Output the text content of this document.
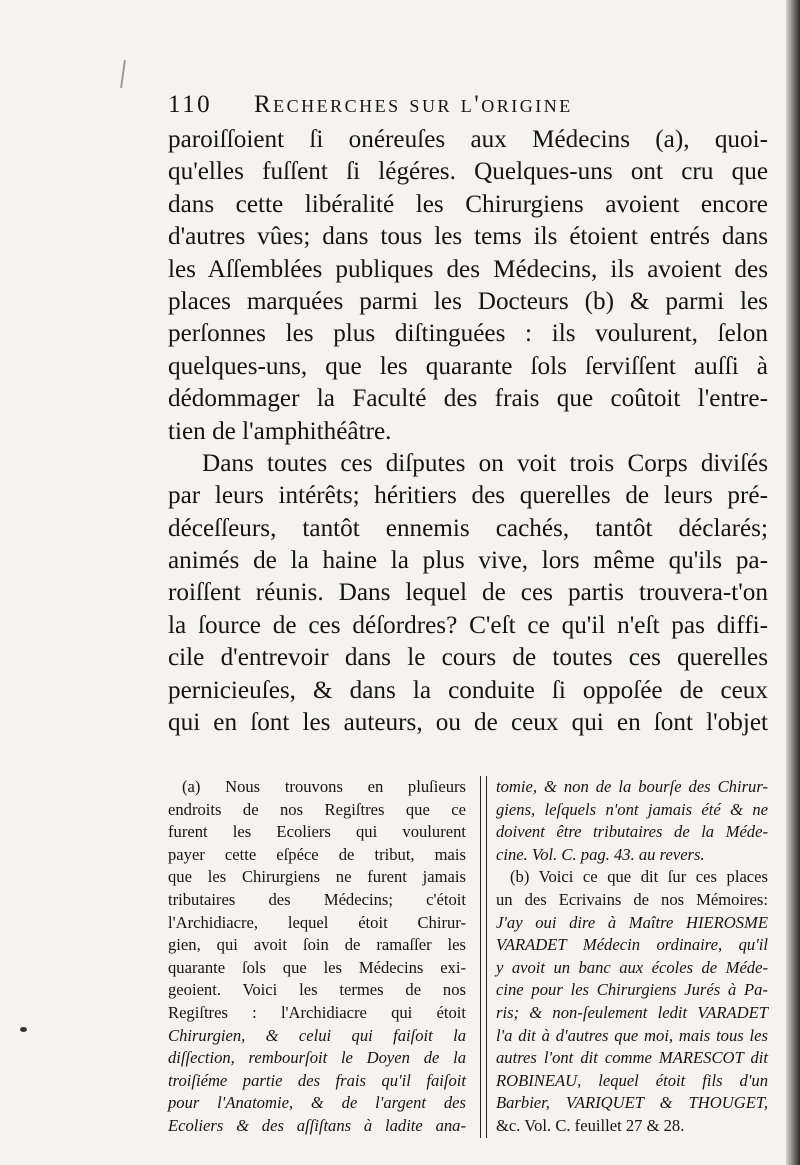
110 Recherches sur l'origine
paroiſſoient ſi onéreuſes aux Médecins (a), quoi-
qu'elles fuſſent ſi légéres. Quelques-uns ont cru que
dans cette libéralité les Chirurgiens avoient encore
d'autres vûes; dans tous les tems ils étoient entrés dans
les Aſſemblées publiques des Médecins, ils avoient des
places marquées parmi les Docteurs (b) & parmi les
perſonnes les plus diſtinguées : ils voulurent, ſelon
quelques-uns, que les quarante ſols ſerviſſent auſſi à
dédommager la Faculté des frais que coûtoit l'entre-
tien de l'amphithéâtre.
Dans toutes ces diſputes on voit trois Corps diviſés
par leurs intérêts; héritiers des querelles de leurs pré-
déceſſeurs, tantôt ennemis cachés, tantôt déclarés;
animés de la haine la plus vive, lors même qu'ils pa-
roiſſent réunis. Dans lequel de ces partis trouvera-t'on
la ſource de ces déſordres? C'eſt ce qu'il n'eſt pas diffi-
cile d'entrevoir dans le cours de toutes ces querelles
pernicieuſes, & dans la conduite ſi oppoſée de ceux
qui en ſont les auteurs, ou de ceux qui en ſont l'objet
(a) Nous trouvons en pluſieurs
endroits de nos Regiſtres que ce
furent les Ecoliers qui voulurent
payer cette eſpéce de tribut, mais
que les Chirurgiens ne furent jamais
tributaires des Médecins; c'étoit
l'Archidiacre, lequel étoit Chirur-
gien, qui avoit ſoin de ramaſſer les
quarante ſols que les Médecins exi-
geoient. Voici les termes de nos
Regiſtres : l'Archidiacre qui étoit
Chirurgien, & celui qui faiſoit la
diſſection, rembourſoit le Doyen de la
troiſiéme partie des frais qu'il faiſoit
pour l'Anatomie, & de l'argent des
Ecoliers & des aſſiſtans à ladite ana-
tomie, & non de la bourſe des Chirur-
giens, leſquels n'ont jamais été & ne
doivent être tributaires de la Méde-
cine. Vol. C. pag. 43. au revers.
(b) Voici ce que dit ſur ces places
un des Ecrivains de nos Mémoires:
J'ay oui dire à Maître HIEROSME
VARADET Médecin ordinaire, qu'il
y avoit un banc aux écoles de Méde-
cine pour les Chirurgiens Jurés à Pa-
ris; & non-ſeulement ledit VARADET
l'a dit à d'autres que moi, mais tous les
autres l'ont dit comme MARESCOT dit
ROBINEAU, lequel étoit fils d'un
Barbier, VARIQUET & THOUGET,
&c. Vol. C. feuillet 27 & 28.
